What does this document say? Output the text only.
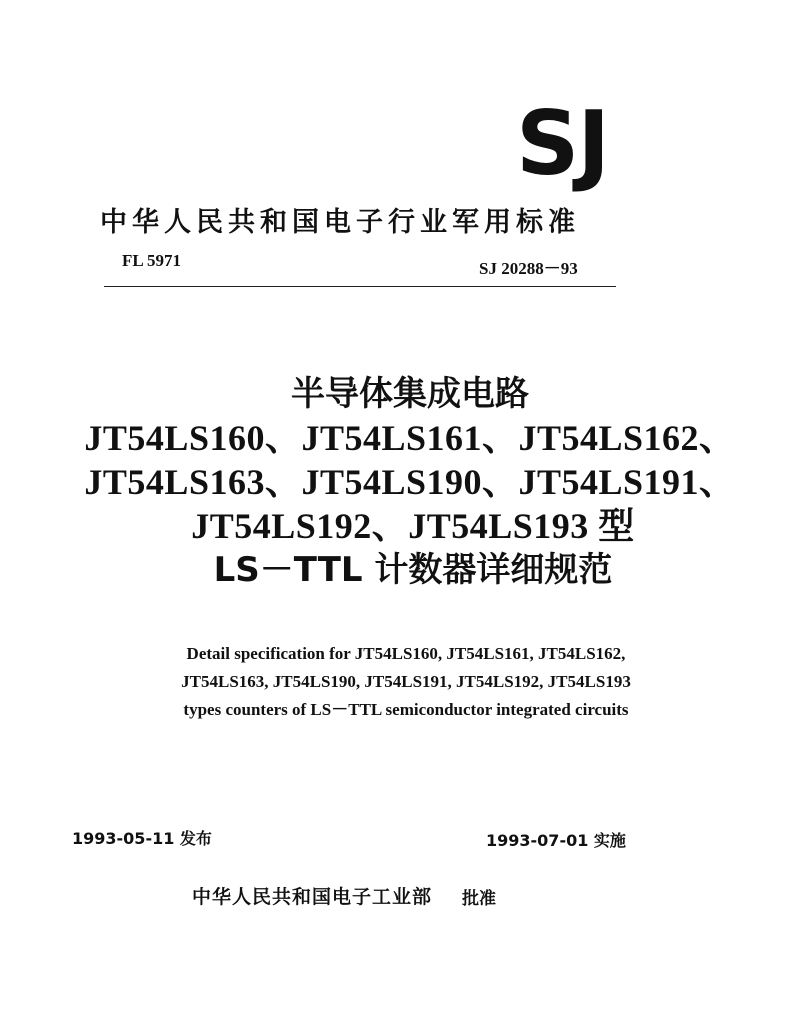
SJ
中华人民共和国电子行业军用标准
FL 5971	SJ 20288－93
半导体集成电路
JT54LS160、JT54LS161、JT54LS162、
JT54LS163、JT54LS190、JT54LS191、
JT54LS192、JT54LS193 型
LS－TTL 计数器详细规范
Detail specification for JT54LS160, JT54LS161, JT54LS162,
JT54LS163, JT54LS190, JT54LS191, JT54LS192, JT54LS193
types counters of LS－TTL semiconductor integrated circuits
1993-05-11 发布	1993-07-01 实施
中华人民共和国电子工业部 批准
